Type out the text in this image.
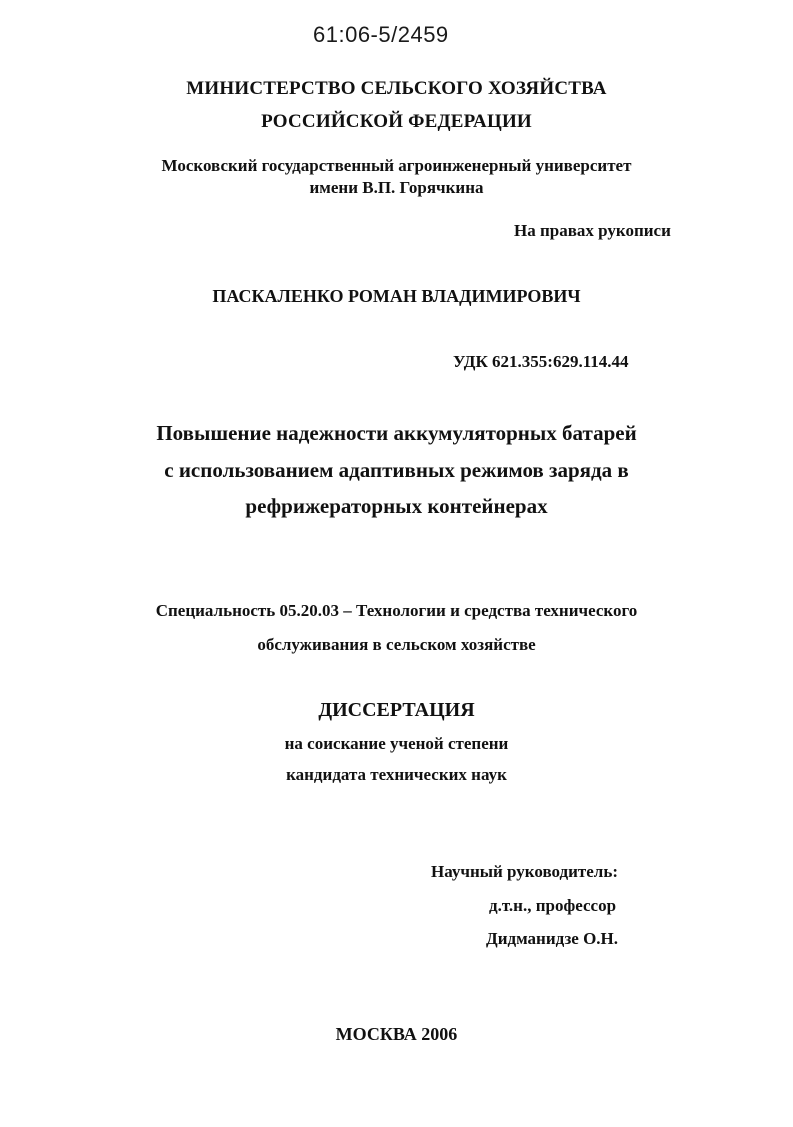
61:06-5/2459
МИНИСТЕРСТВО СЕЛЬСКОГО ХОЗЯЙСТВА
РОССИЙСКОЙ ФЕДЕРАЦИИ
Московский государственный агроинженерный университет
имени В.П. Горячкина
На правах рукописи
ПАСКАЛЕНКО РОМАН ВЛАДИМИРОВИЧ
УДК 621.355:629.114.44
Повышение надежности аккумуляторных батарей
с использованием адаптивных режимов заряда в
рефрижераторных контейнерах
Специальность 05.20.03 – Технологии и средства технического
обслуживания в сельском хозяйстве
ДИССЕРТАЦИЯ
на соискание ученой степени
кандидата технических наук
Научный руководитель:
д.т.н., профессор
Дидманидзе О.Н.
МОСКВА 2006
